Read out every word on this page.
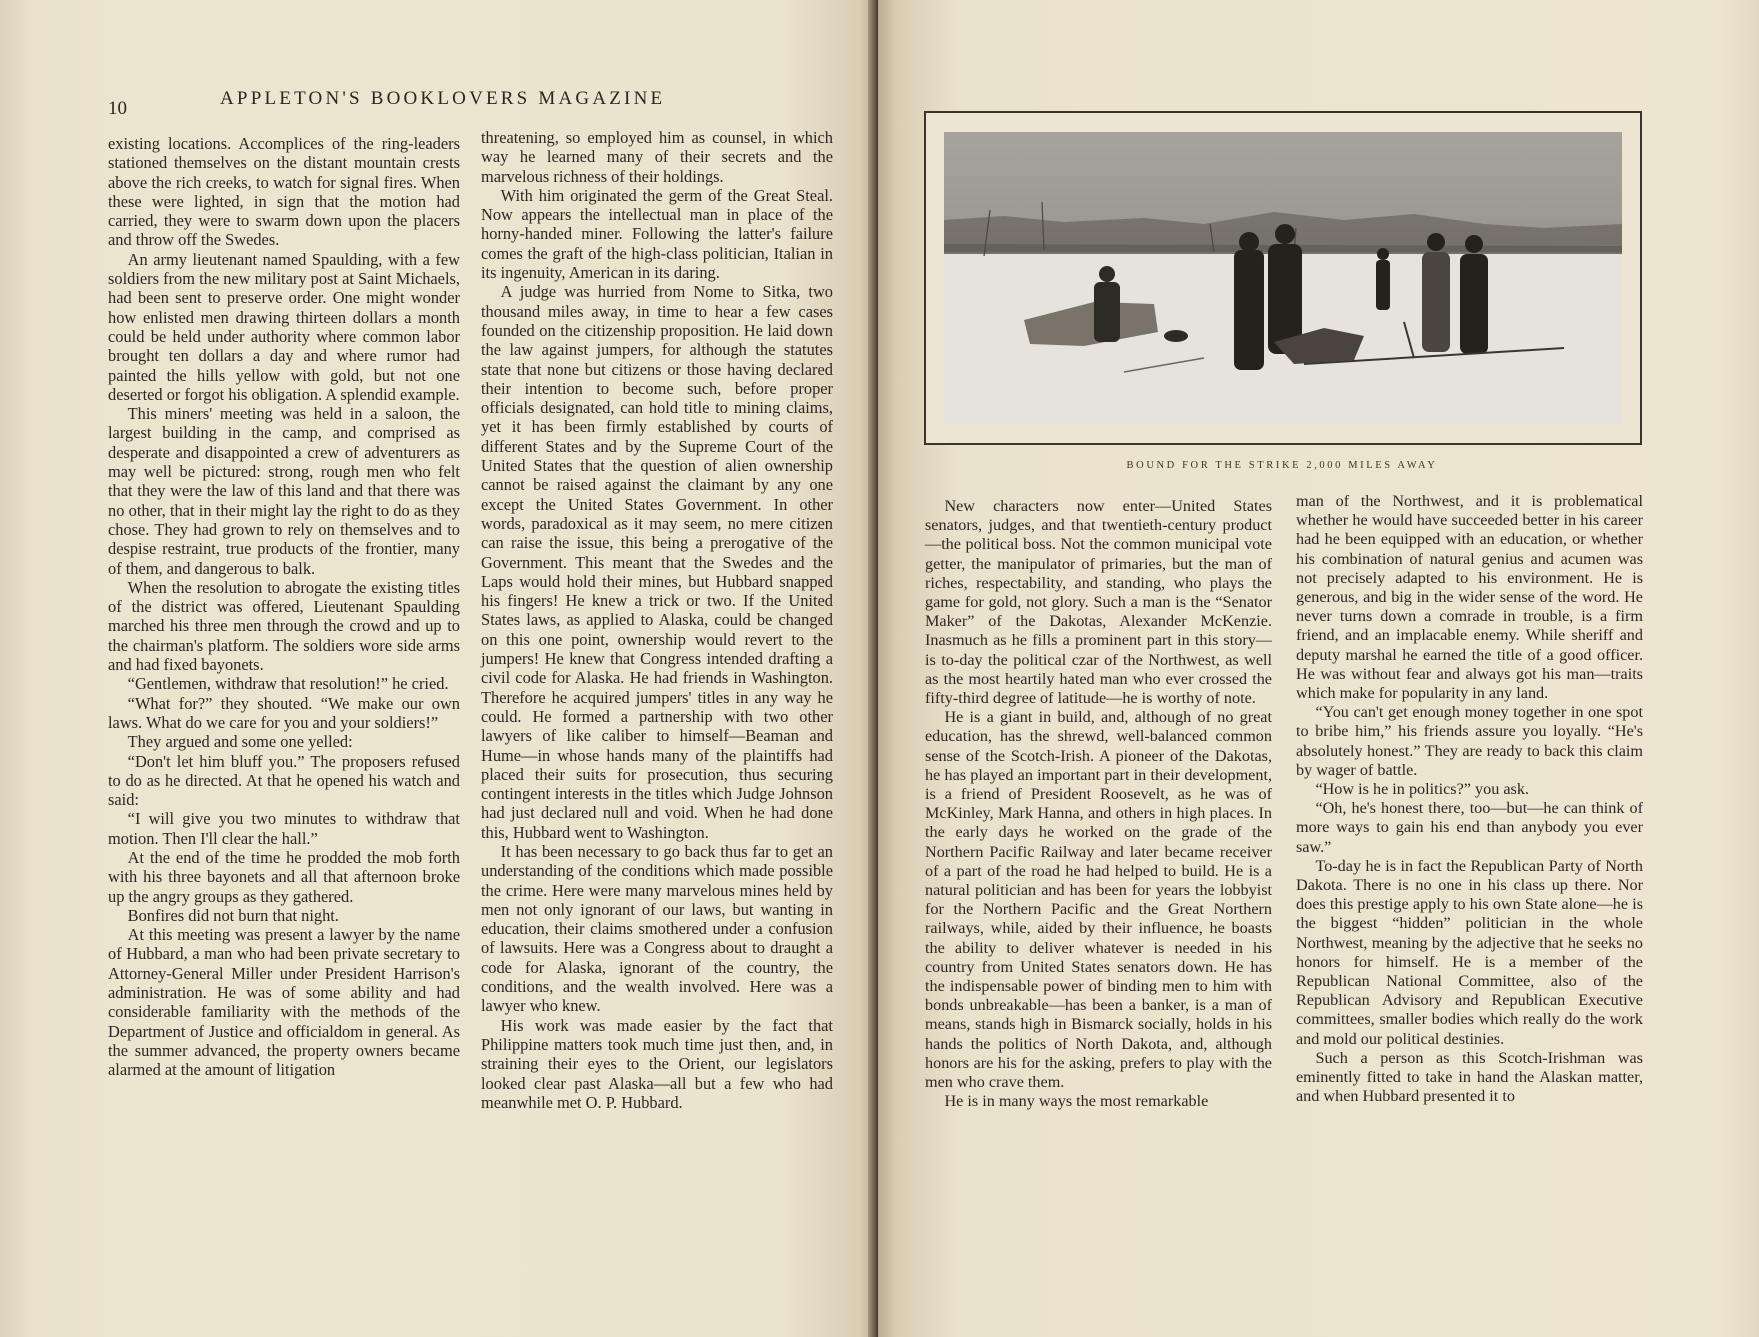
10	APPLETON'S BOOKLOVERS MAGAZINE

existing locations. Accomplices of the ring-leaders stationed themselves on the distant mountain crests above the rich creeks, to watch for signal fires. When these were lighted, in sign that the motion had carried, they were to swarm down upon the placers and throw off the Swedes.

An army lieutenant named Spaulding, with a few soldiers from the new military post at Saint Michaels, had been sent to preserve order. One might wonder how enlisted men drawing thirteen dollars a month could be held under authority where common labor brought ten dollars a day and where rumor had painted the hills yellow with gold, but not one deserted or forgot his obligation. A splendid example.

This miners' meeting was held in a saloon, the largest building in the camp, and comprised as desperate and disappointed a crew of adventurers as may well be pictured: strong, rough men who felt that they were the law of this land and that there was no other, that in their might lay the right to do as they chose. They had grown to rely on themselves and to despise restraint, true products of the frontier, many of them, and dangerous to balk.

When the resolution to abrogate the existing titles of the district was offered, Lieutenant Spaulding marched his three men through the crowd and up to the chairman's platform. The soldiers wore side arms and had fixed bayonets.

“Gentlemen, withdraw that resolution!” he cried.

“What for?” they shouted. “We make our own laws. What do we care for you and your soldiers!”

They argued and some one yelled:

“Don't let him bluff you.” The proposers refused to do as he directed. At that he opened his watch and said:

“I will give you two minutes to withdraw that motion. Then I'll clear the hall.”

At the end of the time he prodded the mob forth with his three bayonets and all that afternoon broke up the angry groups as they gathered.

Bonfires did not burn that night.

At this meeting was present a lawyer by the name of Hubbard, a man who had been private secretary to Attorney-General Miller under President Harrison's administration. He was of some ability and had considerable familiarity with the methods of the Department of Justice and officialdom in general. As the summer advanced, the property owners became alarmed at the amount of litigation

threatening, so employed him as counsel, in which way he learned many of their secrets and the marvelous richness of their holdings.

With him originated the germ of the Great Steal. Now appears the intellectual man in place of the horny-handed miner. Following the latter's failure comes the graft of the high-class politician, Italian in its ingenuity, American in its daring.

A judge was hurried from Nome to Sitka, two thousand miles away, in time to hear a few cases founded on the citizenship proposition. He laid down the law against jumpers, for although the statutes state that none but citizens or those having declared their intention to become such, before proper officials designated, can hold title to mining claims, yet it has been firmly established by courts of different States and by the Supreme Court of the United States that the question of alien ownership cannot be raised against the claimant by any one except the United States Government. In other words, paradoxical as it may seem, no mere citizen can raise the issue, this being a prerogative of the Government. This meant that the Swedes and the Laps would hold their mines, but Hubbard snapped his fingers! He knew a trick or two. If the United States laws, as applied to Alaska, could be changed on this one point, ownership would revert to the jumpers! He knew that Congress intended drafting a civil code for Alaska. He had friends in Washington. Therefore he acquired jumpers' titles in any way he could. He formed a partnership with two other lawyers of like caliber to himself—Beaman and Hume—in whose hands many of the plaintiffs had placed their suits for prosecution, thus securing contingent interests in the titles which Judge Johnson had just declared null and void. When he had done this, Hubbard went to Washington.

It has been necessary to go back thus far to get an understanding of the conditions which made possible the crime. Here were many marvelous mines held by men not only ignorant of our laws, but wanting in education, their claims smothered under a confusion of lawsuits. Here was a Congress about to draught a code for Alaska, ignorant of the country, the conditions, and the wealth involved. Here was a lawyer who knew.

His work was made easier by the fact that Philippine matters took much time just then, and, in straining their eyes to the Orient, our legislators looked clear past Alaska—all but a few who had meanwhile met O. P. Hubbard.

BOUND FOR THE STRIKE 2,000 MILES AWAY

New characters now enter—United States senators, judges, and that twentieth-century product—the political boss. Not the common municipal vote getter, the manipulator of primaries, but the man of riches, respectability, and standing, who plays the game for gold, not glory. Such a man is the “Senator Maker” of the Dakotas, Alexander McKenzie. Inasmuch as he fills a prominent part in this story—is to-day the political czar of the Northwest, as well as the most heartily hated man who ever crossed the fifty-third degree of latitude—he is worthy of note.

He is a giant in build, and, although of no great education, has the shrewd, well-balanced common sense of the Scotch-Irish. A pioneer of the Dakotas, he has played an important part in their development, is a friend of President Roosevelt, as he was of McKinley, Mark Hanna, and others in high places. In the early days he worked on the grade of the Northern Pacific Railway and later became receiver of a part of the road he had helped to build. He is a natural politician and has been for years the lobbyist for the Northern Pacific and the Great Northern railways, while, aided by their influence, he boasts the ability to deliver whatever is needed in his country from United States senators down. He has the indispensable power of binding men to him with bonds unbreakable—has been a banker, is a man of means, stands high in Bismarck socially, holds in his hands the politics of North Dakota, and, although honors are his for the asking, prefers to play with the men who crave them.

He is in many ways the most remarkable

man of the Northwest, and it is problematical whether he would have succeeded better in his career had he been equipped with an education, or whether his combination of natural genius and acumen was not precisely adapted to his environment. He is generous, and big in the wider sense of the word. He never turns down a comrade in trouble, is a firm friend, and an implacable enemy. While sheriff and deputy marshal he earned the title of a good officer. He was without fear and always got his man—traits which make for popularity in any land.

“You can't get enough money together in one spot to bribe him,” his friends assure you loyally. “He's absolutely honest.” They are ready to back this claim by wager of battle.

“How is he in politics?” you ask.

“Oh, he's honest there, too—but—he can think of more ways to gain his end than anybody you ever saw.”

To-day he is in fact the Republican Party of North Dakota. There is no one in his class up there. Nor does this prestige apply to his own State alone—he is the biggest “hidden” politician in the whole Northwest, meaning by the adjective that he seeks no honors for himself. He is a member of the Republican National Committee, also of the Republican Advisory and Republican Executive committees, smaller bodies which really do the work and mold our political destinies.

Such a person as this Scotch-Irishman was eminently fitted to take in hand the Alaskan matter, and when Hubbard presented it to
